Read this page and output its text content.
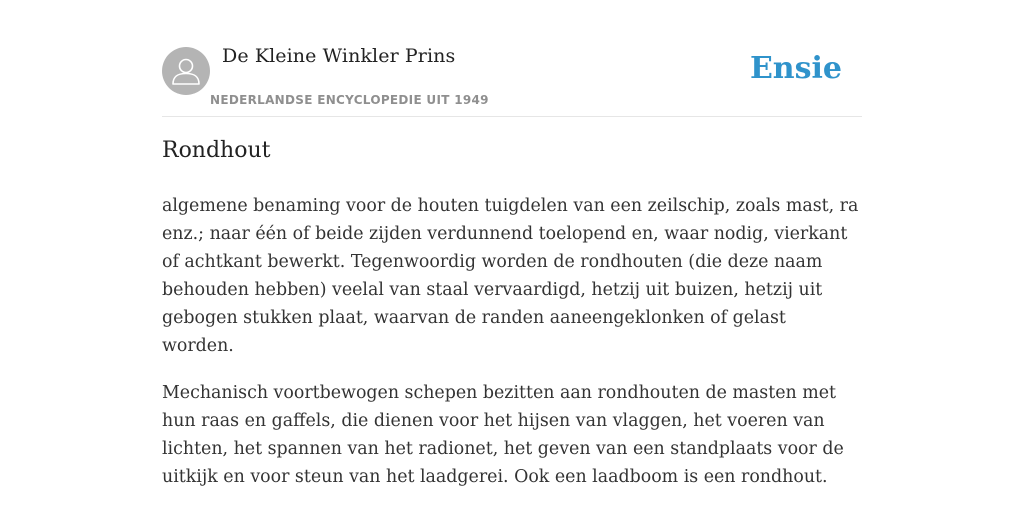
De Kleine Winkler Prins
NEDERLANDSE ENCYCLOPEDIE UIT 1949
Ensie
Rondhout

algemene benaming voor de houten tuigdelen van een zeilschip, zoals mast, ra enz.; naar één of beide zijden verdunnend toelopend en, waar nodig, vierkant of achtkant bewerkt. Tegenwoordig worden de rondhouten (die deze naam behouden hebben) veelal van staal vervaardigd, hetzij uit buizen, hetzij uit gebogen stukken plaat, waarvan de randen aaneengeklonken of gelast worden.

Mechanisch voortbewogen schepen bezitten aan rondhouten de masten met hun raas en gaffels, die dienen voor het hijsen van vlaggen, het voeren van lichten, het spannen van het radionet, het geven van een standplaats voor de uitkijk en voor steun van het laadgerei. Ook een laadboom is een rondhout.
